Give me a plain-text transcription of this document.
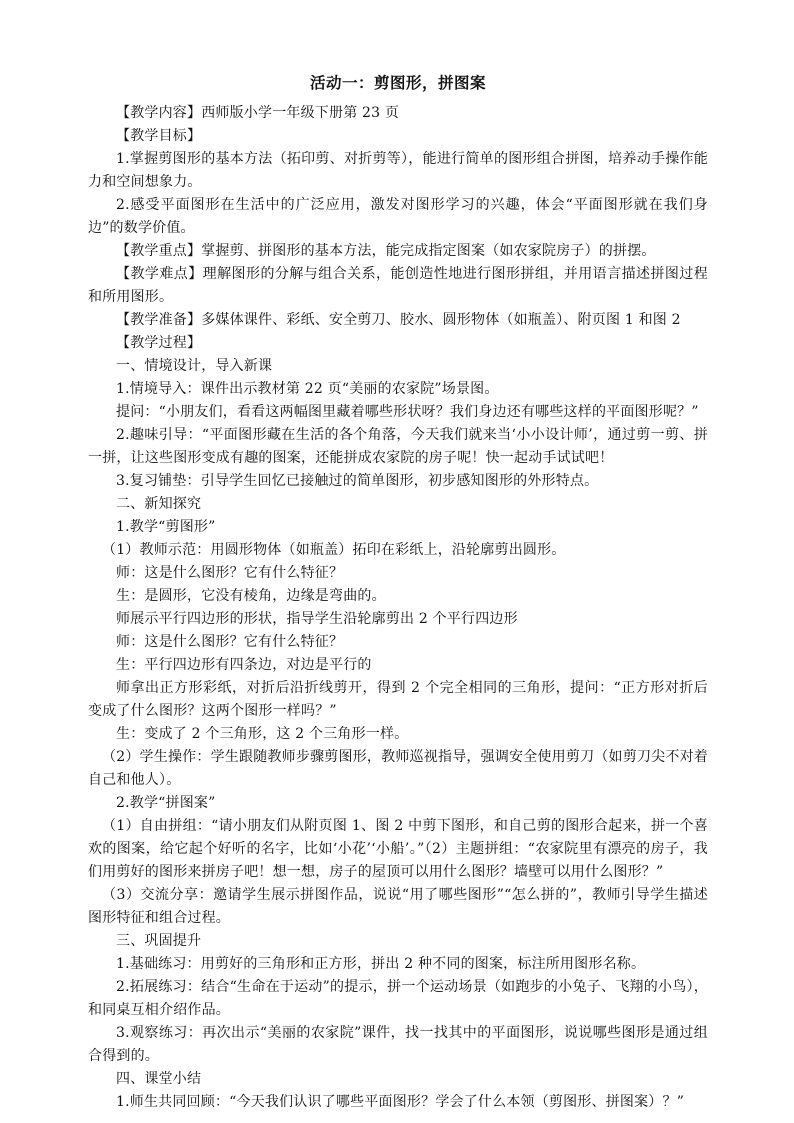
活动一：剪图形，拼图案

【教学内容】西师版小学一年级下册第 23 页

【教学目标】

1.掌握剪图形的基本方法（拓印剪、对折剪等），能进行简单的图形组合拼图，培养动手操作能力和空间想象力。

2.感受平面图形在生活中的广泛应用，激发对图形学习的兴趣，体会“平面图形就在我们身边”的数学价值。

【教学重点】掌握剪、拼图形的基本方法，能完成指定图案（如农家院房子）的拼摆。

【教学难点】理解图形的分解与组合关系，能创造性地进行图形拼组，并用语言描述拼图过程和所用图形。

【教学准备】多媒体课件、彩纸、安全剪刀、胶水、圆形物体（如瓶盖）、附页图 1 和图 2

【教学过程】

一、情境设计，导入新课

1.情境导入：课件出示教材第 22 页“美丽的农家院”场景图。

提问：“小朋友们，看看这两幅图里藏着哪些形状呀？我们身边还有哪些这样的平面图形呢？”

2.趣味引导：“平面图形藏在生活的各个角落，今天我们就来当‘小小设计师’，通过剪一剪、拼一拼，让这些图形变成有趣的图案，还能拼成农家院的房子呢！快一起动手试试吧！

3.复习铺垫：引导学生回忆已接触过的简单图形，初步感知图形的外形特点。

二、新知探究

1.教学“剪图形”

（1）教师示范：用圆形物体（如瓶盖）拓印在彩纸上，沿轮廓剪出圆形。

师：这是什么图形？它有什么特征？

生：是圆形，它没有棱角，边缘是弯曲的。

师展示平行四边形的形状，指导学生沿轮廓剪出 2 个平行四边形

师：这是什么图形？它有什么特征？

生：平行四边形有四条边，对边是平行的

师拿出正方形彩纸，对折后沿折线剪开，得到 2 个完全相同的三角形，提问：“正方形对折后变成了什么图形？这两个图形一样吗？”

生：变成了 2 个三角形，这 2 个三角形一样。

（2）学生操作：学生跟随教师步骤剪图形，教师巡视指导，强调安全使用剪刀（如剪刀尖不对着自己和他人）。

2.教学“拼图案”

（1）自由拼组：“请小朋友们从附页图 1、图 2 中剪下图形，和自己剪的图形合起来，拼一个喜欢的图案，给它起个好听的名字，比如‘小花’‘小船’。”（2）主题拼组：“农家院里有漂亮的房子，我们用剪好的图形来拼房子吧！想一想，房子的屋顶可以用什么图形？墙壁可以用什么图形？”

（3）交流分享：邀请学生展示拼图作品，说说“用了哪些图形”“怎么拼的”，教师引导学生描述图形特征和组合过程。

三、巩固提升

1.基础练习：用剪好的三角形和正方形，拼出 2 种不同的图案，标注所用图形名称。

2.拓展练习：结合“生命在于运动”的提示，拼一个运动场景（如跑步的小兔子、飞翔的小鸟），和同桌互相介绍作品。

3.观察练习：再次出示“美丽的农家院”课件，找一找其中的平面图形，说说哪些图形是通过组合得到的。

四、课堂小结

1.师生共同回顾：“今天我们认识了哪些平面图形？学会了什么本领（剪图形、拼图案）？”
